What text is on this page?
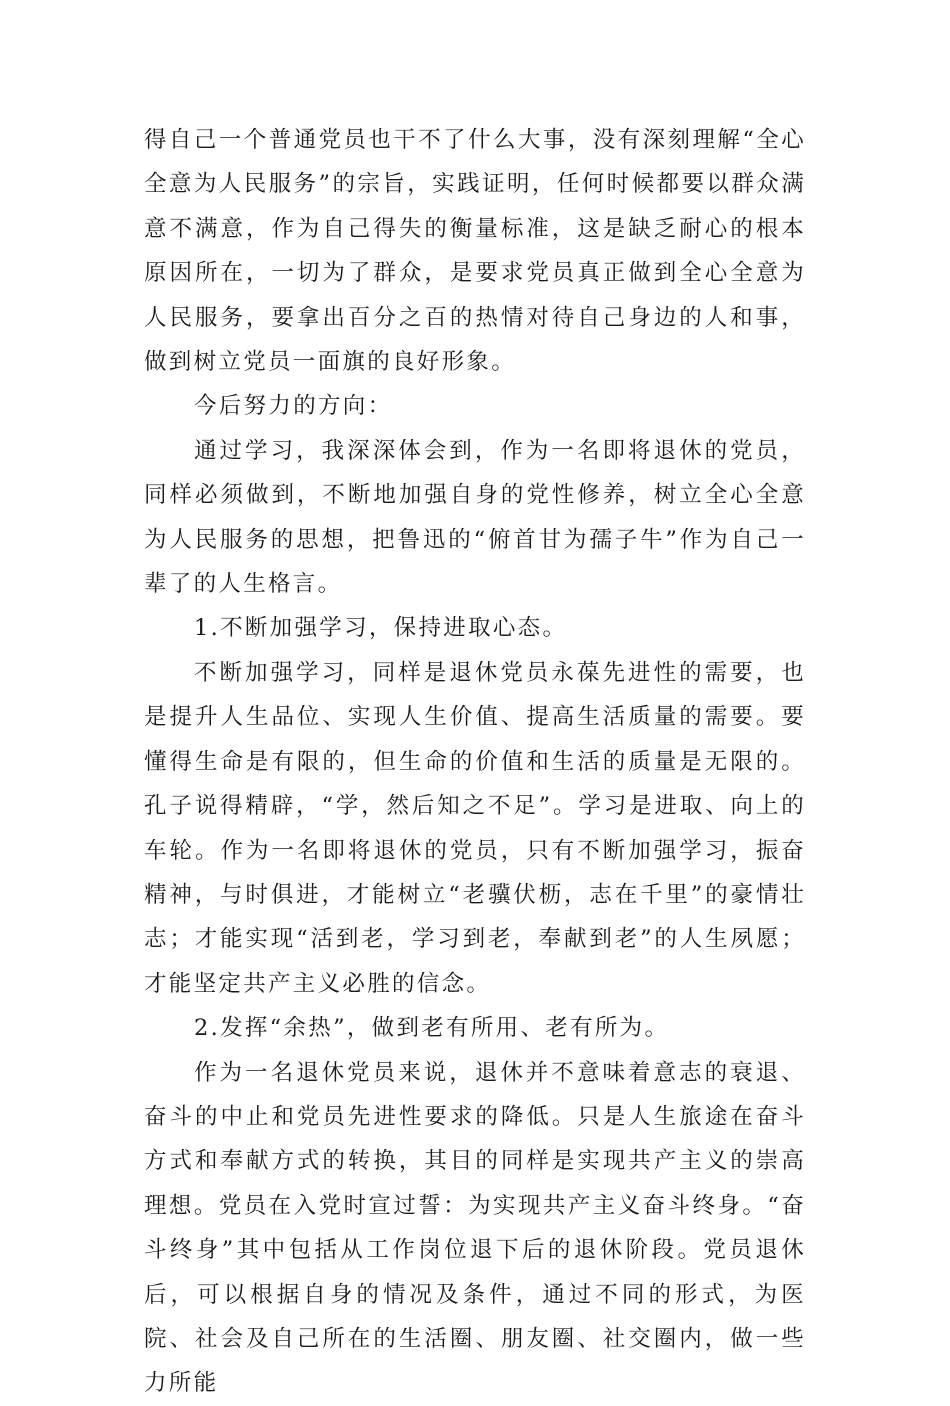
得自己一个普通党员也干不了什么大事，没有深刻理解“全心全意为人民服务”的宗旨，实践证明，任何时候都要以群众满意不满意，作为自己得失的衡量标准，这是缺乏耐心的根本原因所在，一切为了群众，是要求党员真正做到全心全意为人民服务，要拿出百分之百的热情对待自己身边的人和事，做到树立党员一面旗的良好形象。

今后努力的方向：

通过学习，我深深体会到，作为一名即将退休的党员，同样必须做到，不断地加强自身的党性修养，树立全心全意为人民服务的思想，把鲁迅的“俯首甘为孺子牛”作为自己一辈了的人生格言。

1.不断加强学习，保持进取心态。

不断加强学习，同样是退休党员永葆先进性的需要，也是提升人生品位、实现人生价值、提高生活质量的需要。要懂得生命是有限的，但生命的价值和生活的质量是无限的。孔子说得精辟，“学，然后知之不足”。学习是进取、向上的车轮。作为一名即将退休的党员，只有不断加强学习，振奋精神，与时俱进，才能树立“老骥伏枥，志在千里”的豪情壮志；才能实现“活到老，学习到老，奉献到老”的人生夙愿；才能坚定共产主义必胜的信念。

2.发挥“余热”，做到老有所用、老有所为。

作为一名退休党员来说，退休并不意味着意志的衰退、奋斗的中止和党员先进性要求的降低。只是人生旅途在奋斗方式和奉献方式的转换，其目的同样是实现共产主义的崇高理想。党员在入党时宣过誓：为实现共产主义奋斗终身。“奋斗终身”其中包括从工作岗位退下后的退休阶段。党员退休后，可以根据自身的情况及条件，通过不同的形式，为医院、社会及自己所在的生活圈、朋友圈、社交圈内，做一些力所能
